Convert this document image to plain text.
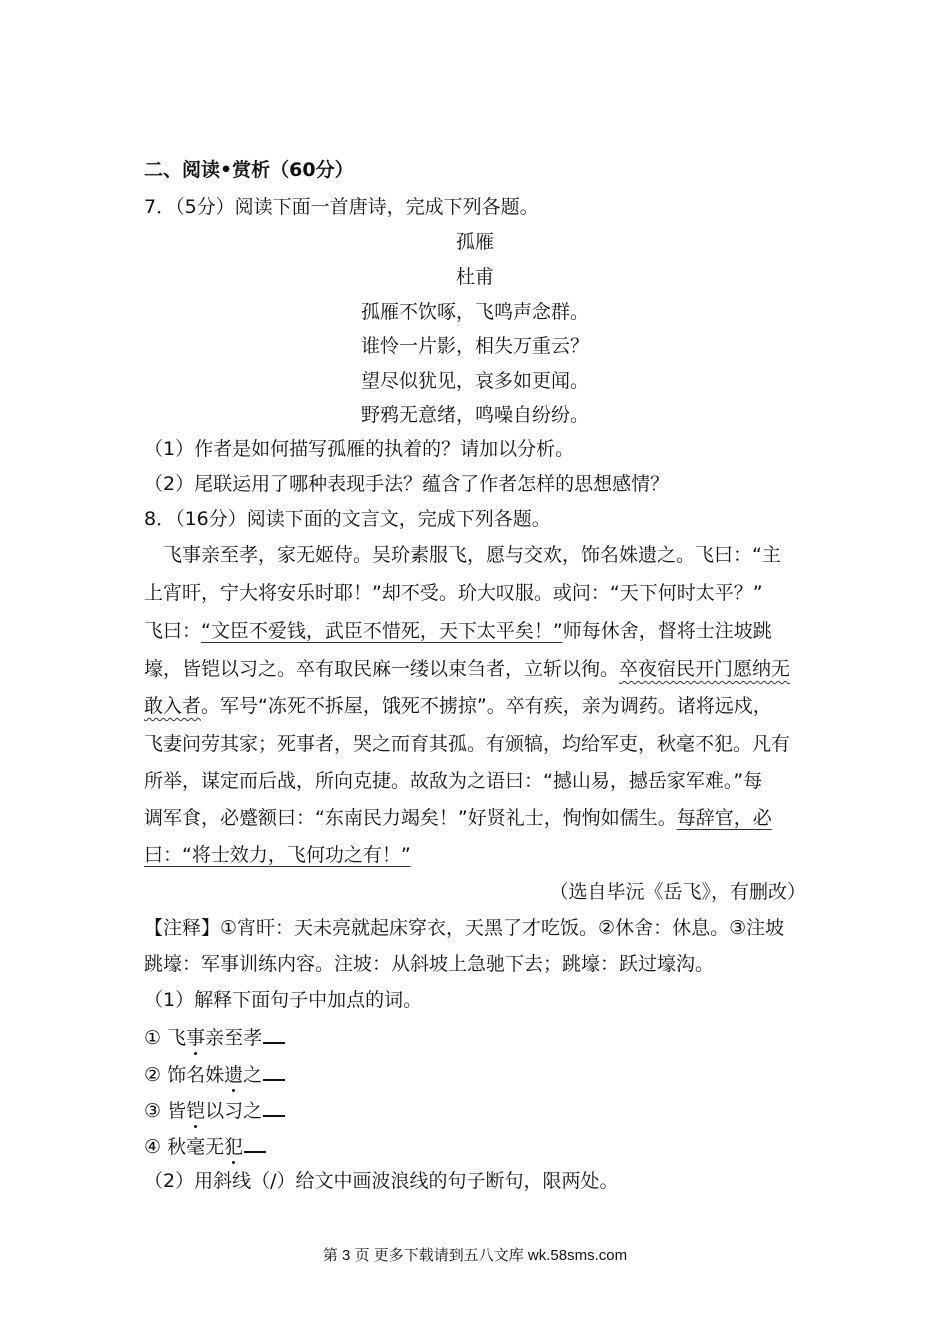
二、阅读•赏析（60分）
7．（5分）阅读下面一首唐诗，完成下列各题。
孤雁
杜甫
孤雁不饮啄，飞鸣声念群。
谁怜一片影，相失万重云？
望尽似犹见，哀多如更闻。
野鸦无意绪，鸣噪自纷纷。
（1）作者是如何描写孤雁的执着的？请加以分析。
（2）尾联运用了哪种表现手法？蕴含了作者怎样的思想感情？
8．（16分）阅读下面的文言文，完成下列各题。
飞事亲至孝，家无姬侍。吴玠素服飞，愿与交欢，饰名姝遗之。飞曰：“主
上宵旰，宁大将安乐时耶！”却不受。玠大叹服。或问：“天下何时太平？”
飞曰：“文臣不爱钱，武臣不惜死，天下太平矣！”师每休舍，督将士注坡跳
壕，皆铠以习之。卒有取民麻一缕以束刍者，立斩以徇。卒夜宿民开门愿纳无
敢入者。军号“冻死不拆屋，饿死不掳掠”。卒有疾，亲为调药。诸将远戍，
飞妻问劳其家；死事者，哭之而育其孤。有颁犒，均给军吏，秋毫不犯。凡有
所举，谋定而后战，所向克捷。故敌为之语曰：“撼山易，撼岳家军难。”每
调军食，必蹙额曰：“东南民力竭矣！”好贤礼士，恂恂如儒生。每辞官，必
曰：“将士效力，飞何功之有！”
（选自毕沅《岳飞》，有删改）
【注释】①宵旰：天未亮就起床穿衣，天黑了才吃饭。②休舍：休息。③注坡
跳壕：军事训练内容。注坡：从斜坡上急驰下去；跳壕：跃过壕沟。
（1）解释下面句子中加点的词。
① 飞事亲至孝
② 饰名姝遗之
③ 皆铠以习之
④ 秋毫无犯
（2）用斜线（/）给文中画波浪线的句子断句，限两处。
第 3 页 更多下载请到五八文库 wk.58sms.com
